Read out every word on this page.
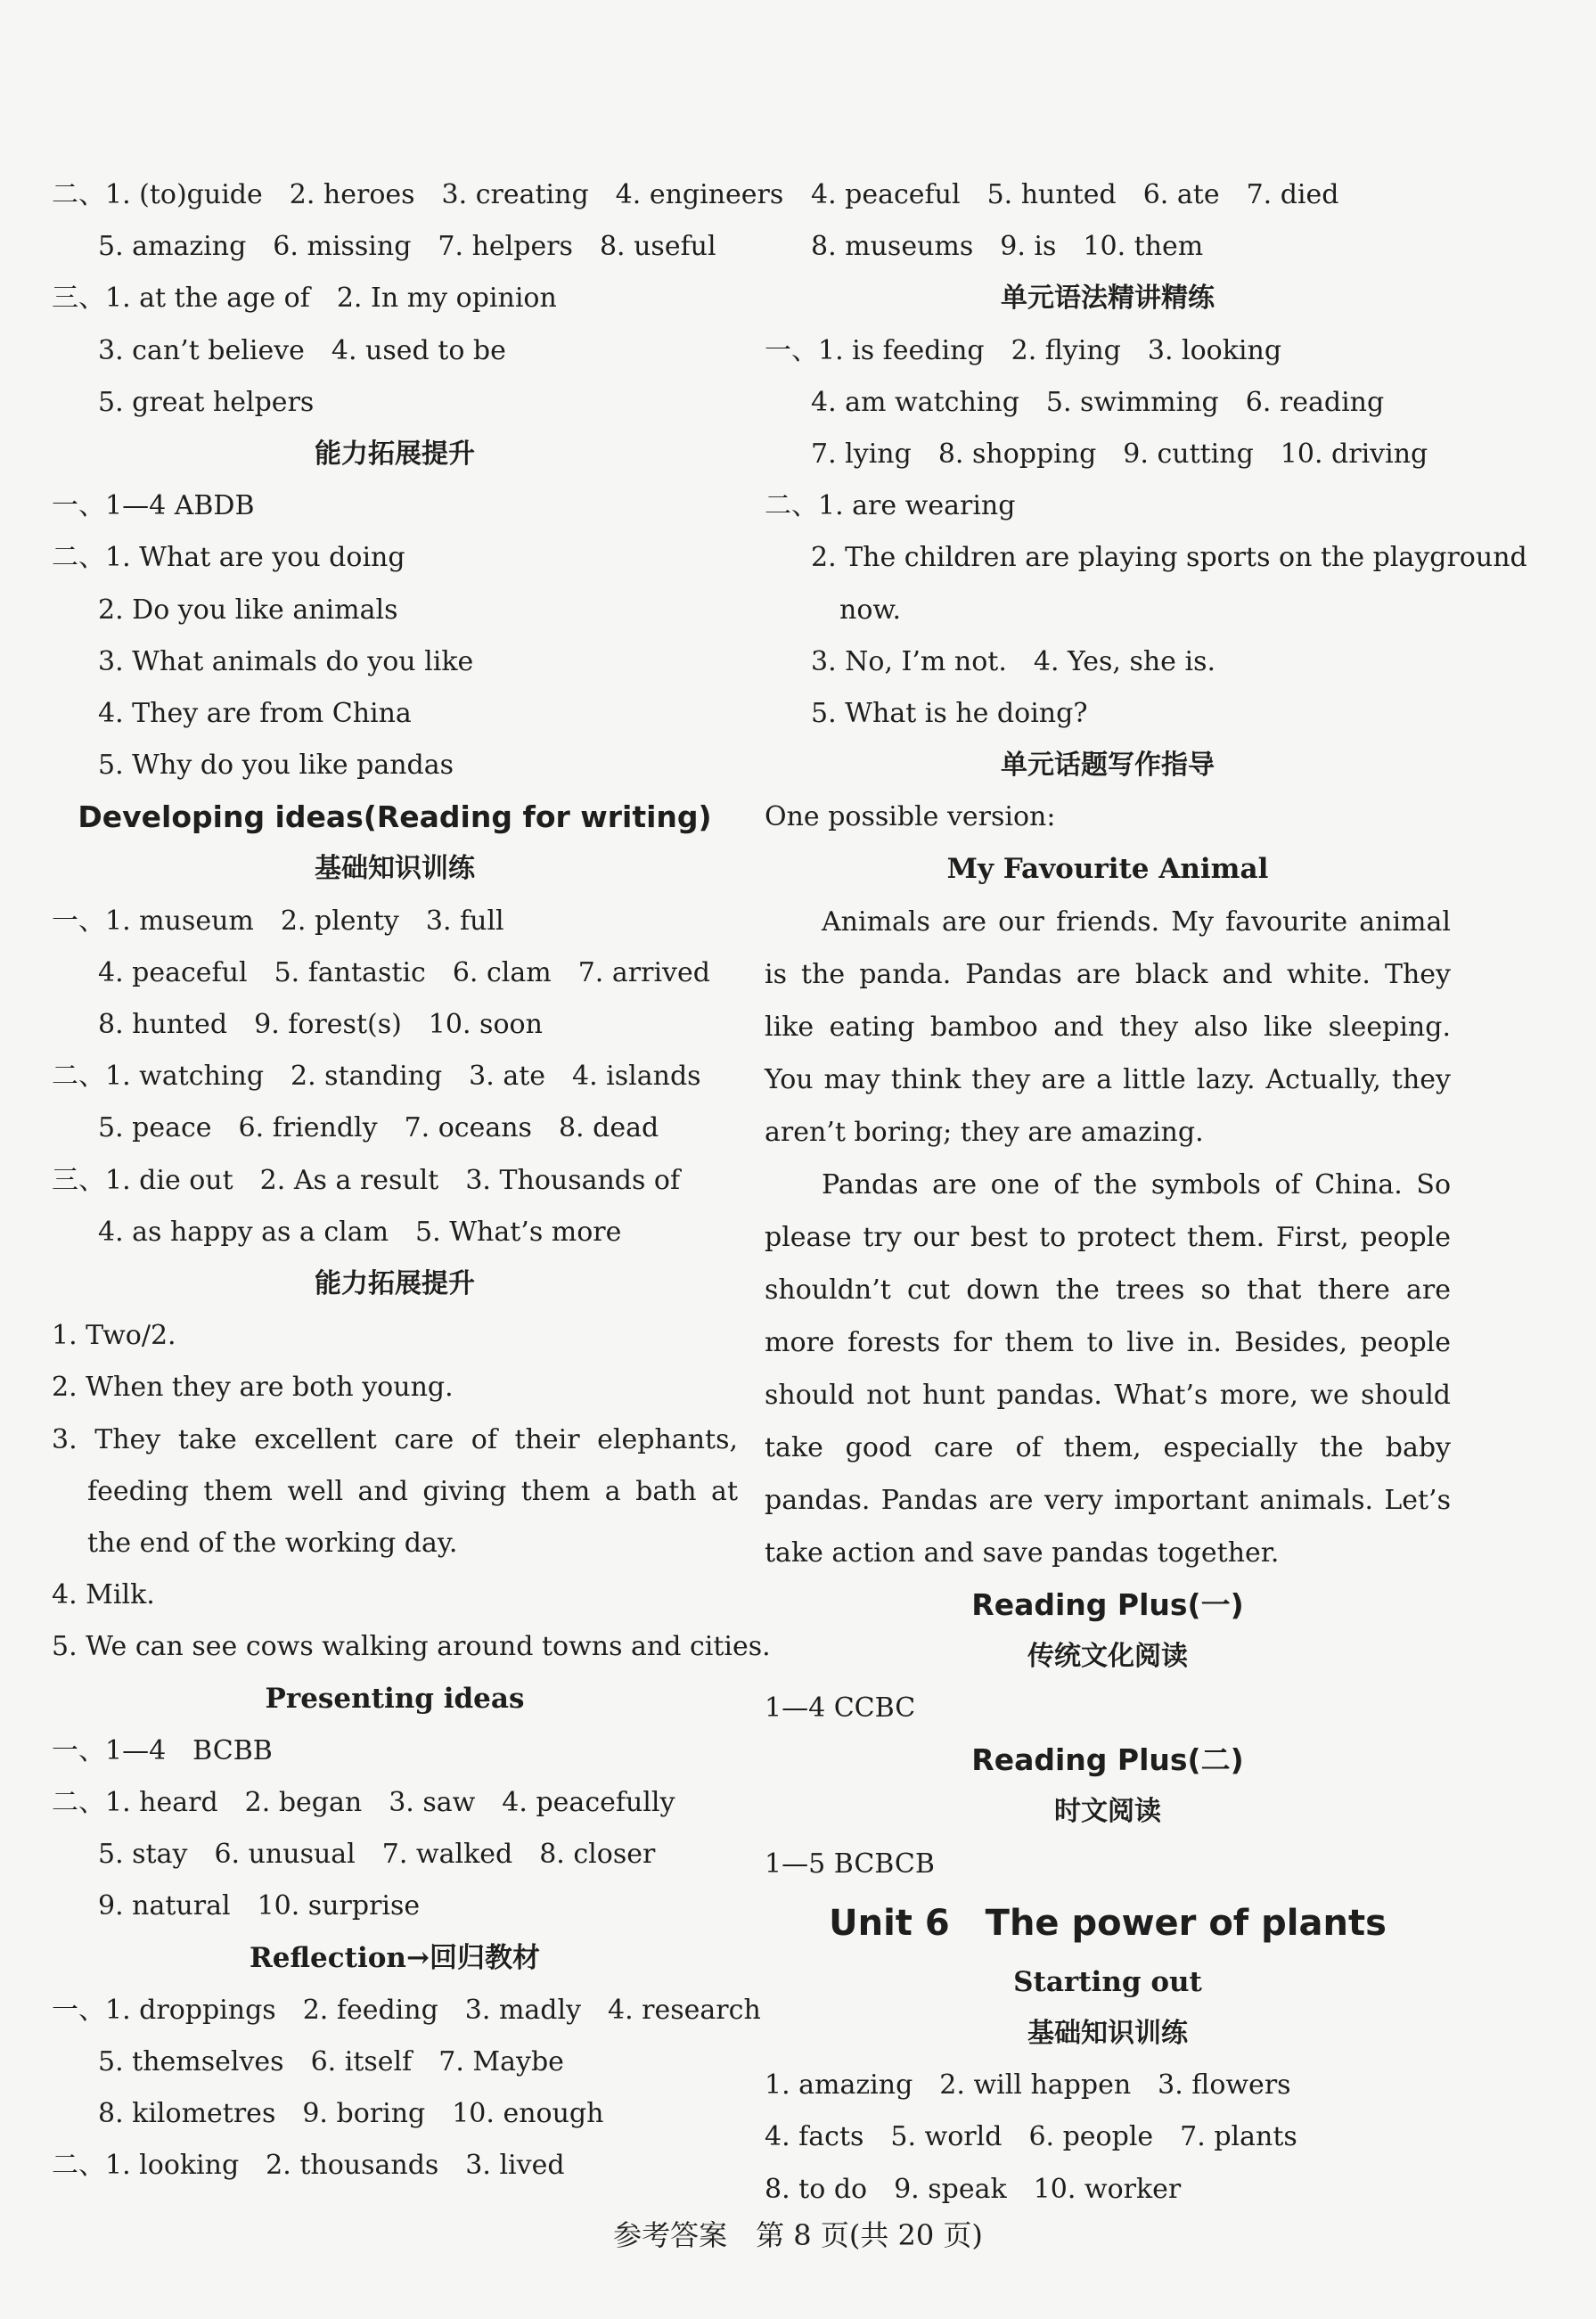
二、1. (to)guide　2. heroes　3. creating　4. engineers
5. amazing　6. missing　7. helpers　8. useful
三、1. at the age of　2. In my opinion
3. can’t believe　4. used to be
5. great helpers
能力拓展提升
一、1—4 ABDB
二、1. What are you doing
2. Do you like animals
3. What animals do you like
4. They are from China
5. Why do you like pandas
Developing ideas(Reading for writing)
基础知识训练
一、1. museum　2. plenty　3. full
4. peaceful　5. fantastic　6. clam　7. arrived
8. hunted　9. forest(s)　10. soon
二、1. watching　2. standing　3. ate　4. islands
5. peace　6. friendly　7. oceans　8. dead
三、1. die out　2. As a result　3. Thousands of
4. as happy as a clam　5. What’s more
能力拓展提升
1. Two/2.
2. When they are both young.
3. They take excellent care of their elephants, feeding them well and giving them a bath at the end of the working day.
4. Milk.
5. We can see cows walking around towns and cities.
Presenting ideas
一、1—4　BCBB
二、1. heard　2. began　3. saw　4. peacefully
5. stay　6. unusual　7. walked　8. closer
9. natural　10. surprise
Reflection→回归教材
一、1. droppings　2. feeding　3. madly　4. research
5. themselves　6. itself　7. Maybe
8. kilometres　9. boring　10. enough
二、1. looking　2. thousands　3. lived
4. peaceful　5. hunted　6. ate　7. died
8. museums　9. is　10. them
单元语法精讲精练
一、1. is feeding　2. flying　3. looking
4. am watching　5. swimming　6. reading
7. lying　8. shopping　9. cutting　10. driving
二、1. are wearing
2. The children are playing sports on the playground
now.
3. No, I’m not.　4. Yes, she is.
5. What is he doing?
单元话题写作指导
One possible version:
My Favourite Animal
Animals are our friends. My favourite animal is the panda. Pandas are black and white. They like eating bamboo and they also like sleeping. You may think they are a little lazy. Actually, they aren’t boring; they are amazing.
Pandas are one of the symbols of China. So please try our best to protect them. First, people shouldn’t cut down the trees so that there are more forests for them to live in. Besides, people should not hunt pandas. What’s more, we should take good care of them, especially the baby pandas. Pandas are very important animals. Let’s take action and save pandas together.
Reading Plus(一)
传统文化阅读
1—4 CCBC
Reading Plus(二)
时文阅读
1—5 BCBCB
Unit 6　The power of plants
Starting out
基础知识训练
1. amazing　2. will happen　3. flowers
4. facts　5. world　6. people　7. plants
8. to do　9. speak　10. worker
参考答案　第 8 页(共 20 页)
